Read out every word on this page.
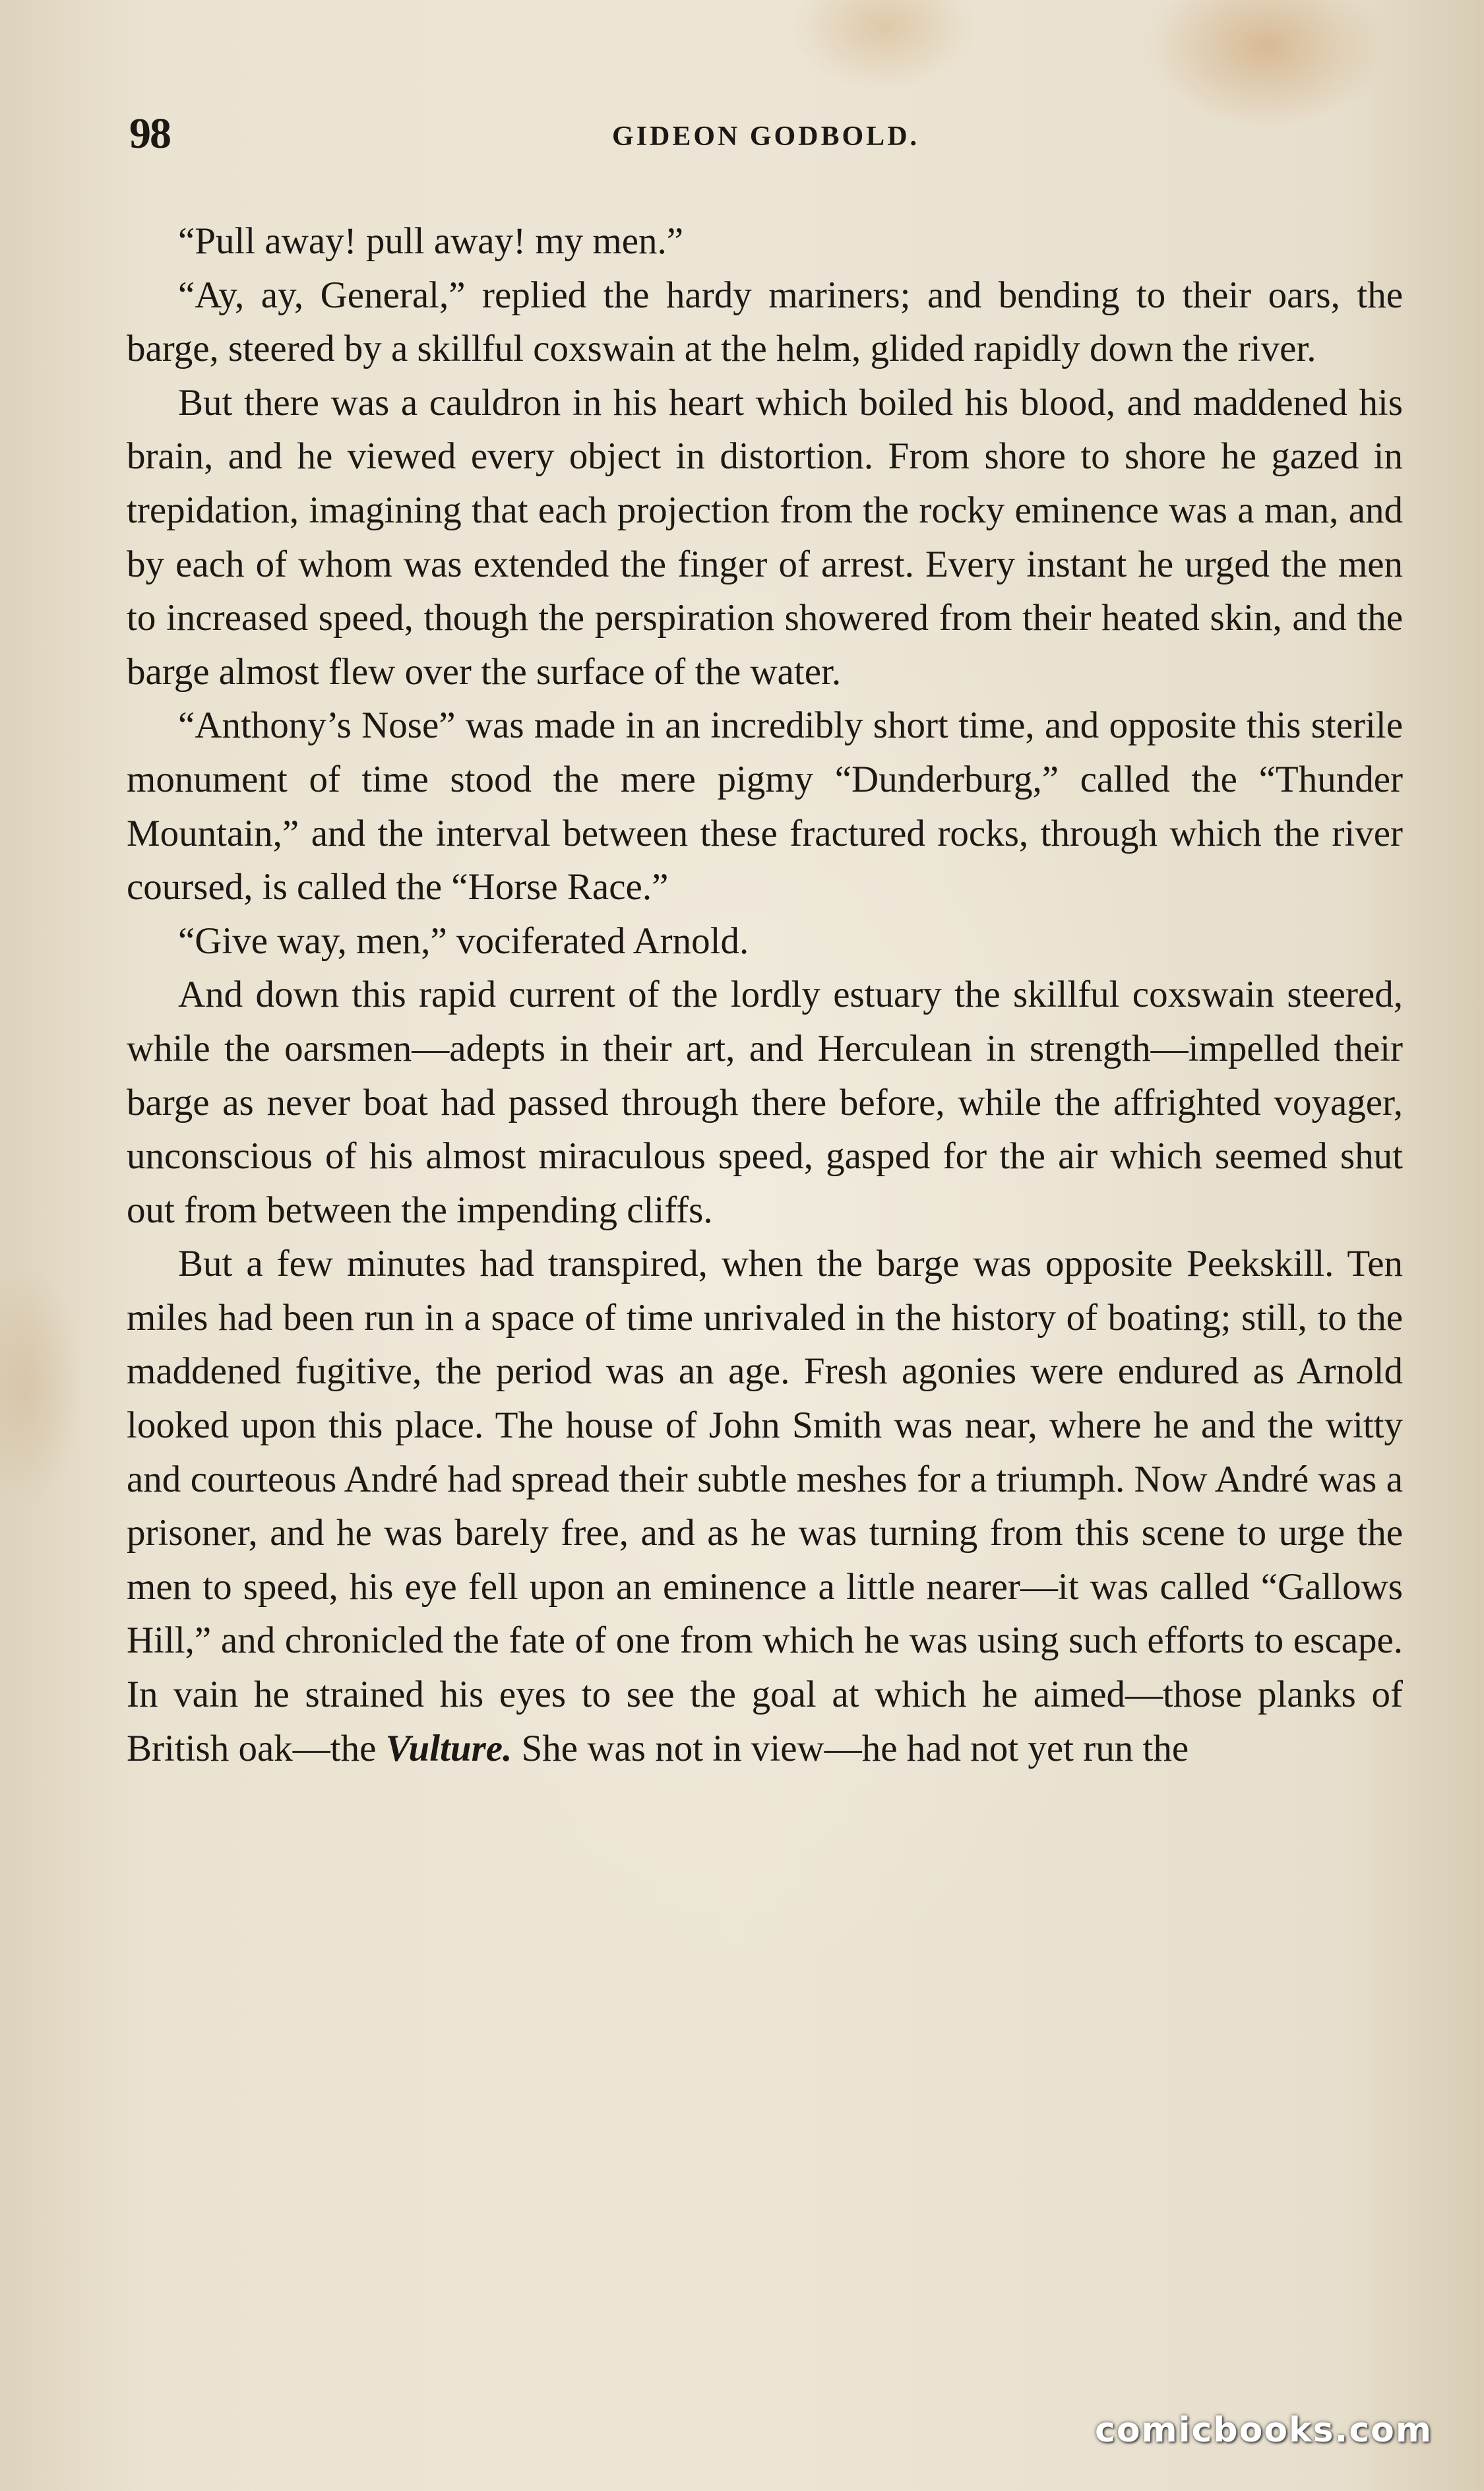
98	GIDEON GODBOLD.

“Pull away! pull away! my men.”

“Ay, ay, General,” replied the hardy mariners; and bending to their oars, the barge, steered by a skillful coxswain at the helm, glided rapidly down the river.

But there was a cauldron in his heart which boiled his blood, and maddened his brain, and he viewed every object in distortion. From shore to shore he gazed in trepidation, imagining that each projection from the rocky eminence was a man, and by each of whom was extended the finger of arrest. Every instant he urged the men to increased speed, though the perspiration showered from their heated skin, and the barge almost flew over the surface of the water.

“Anthony’s Nose” was made in an incredibly short time, and opposite this sterile monument of time stood the mere pigmy “Dunderburg,” called the “Thunder Mountain,” and the interval between these fractured rocks, through which the river coursed, is called the “Horse Race.”

“Give way, men,” vociferated Arnold.

And down this rapid current of the lordly estuary the skillful coxswain steered, while the oarsmen—adepts in their art, and Herculean in strength—impelled their barge as never boat had passed through there before, while the affrighted voyager, unconscious of his almost miraculous speed, gasped for the air which seemed shut out from between the impending cliffs.

But a few minutes had transpired, when the barge was opposite Peekskill. Ten miles had been run in a space of time unrivaled in the history of boating; still, to the maddened fugitive, the period was an age. Fresh agonies were endured as Arnold looked upon this place. The house of John Smith was near, where he and the witty and courteous André had spread their subtle meshes for a triumph. Now André was a prisoner, and he was barely free, and as he was turning from this scene to urge the men to speed, his eye fell upon an eminence a little nearer—it was called “Gallows Hill,” and chronicled the fate of one from which he was using such efforts to escape. In vain he strained his eyes to see the goal at which he aimed—those planks of British oak—the Vulture. She was not in view—he had not yet run the

comicbooks.com
